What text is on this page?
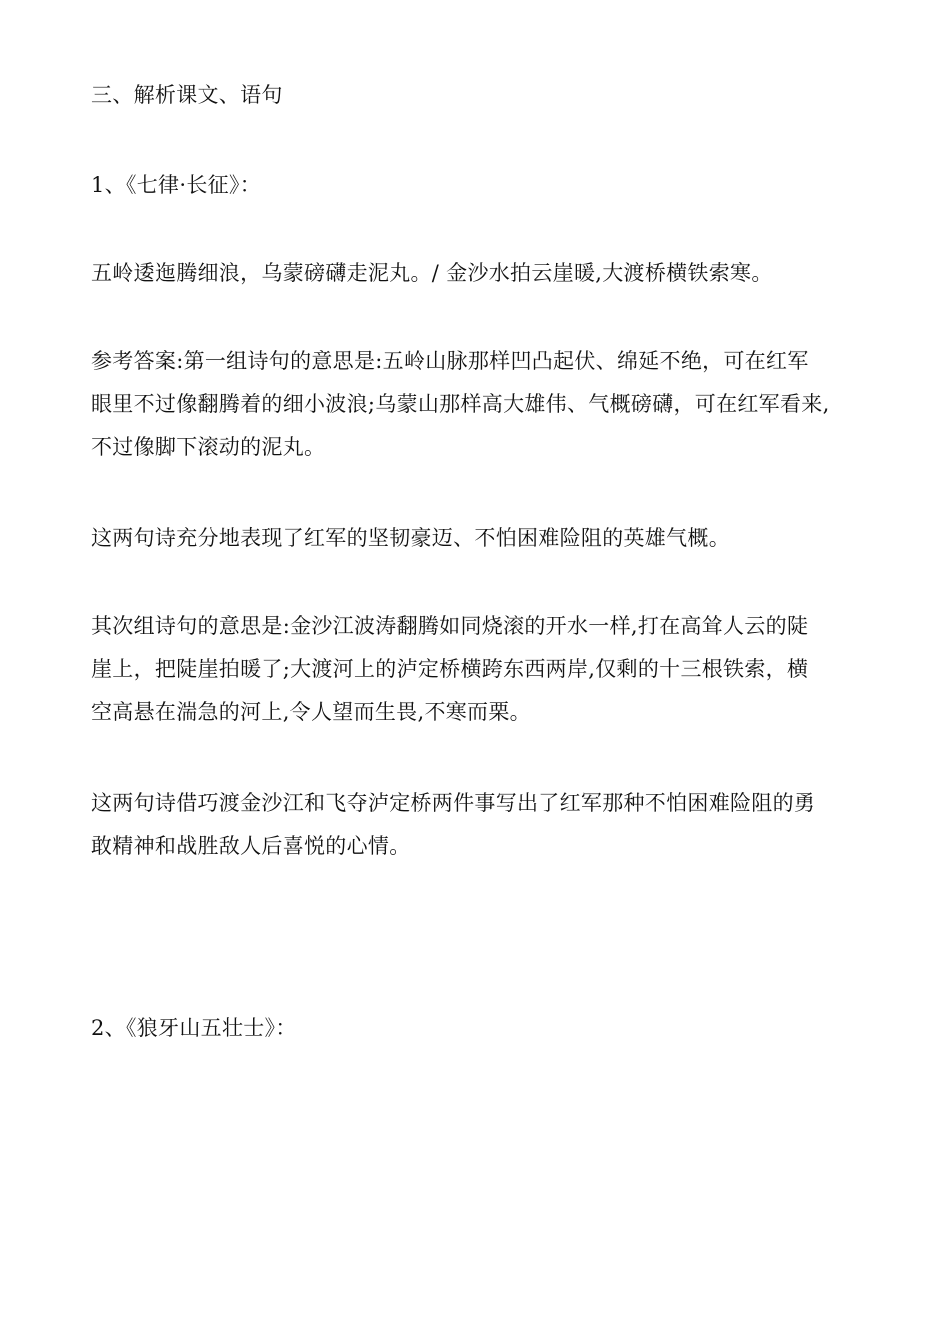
三、解析课文、语句

1、《七律·长征》：

五岭逶迤腾细浪，乌蒙磅礴走泥丸。/ 金沙水拍云崖暖,大渡桥横铁索寒。

参考答案:第一组诗句的意思是:五岭山脉那样凹凸起伏、绵延不绝，可在红军
眼里不过像翻腾着的细小波浪;乌蒙山那样高大雄伟、气概磅礴，可在红军看来,
不过像脚下滚动的泥丸。

这两句诗充分地表现了红军的坚韧豪迈、不怕困难险阻的英雄气概。

其次组诗句的意思是:金沙江波涛翻腾如同烧滚的开水一样,打在高耸人云的陡
崖上，把陡崖拍暖了;大渡河上的泸定桥横跨东西两岸,仅剩的十三根铁索，横
空高悬在湍急的河上,令人望而生畏,不寒而栗。
这两句诗借巧渡金沙江和飞夺泸定桥两件事写出了红军那种不怕困难险阻的勇
敢精神和战胜敌人后喜悦的心情。

2、《狼牙山五壮士》：
